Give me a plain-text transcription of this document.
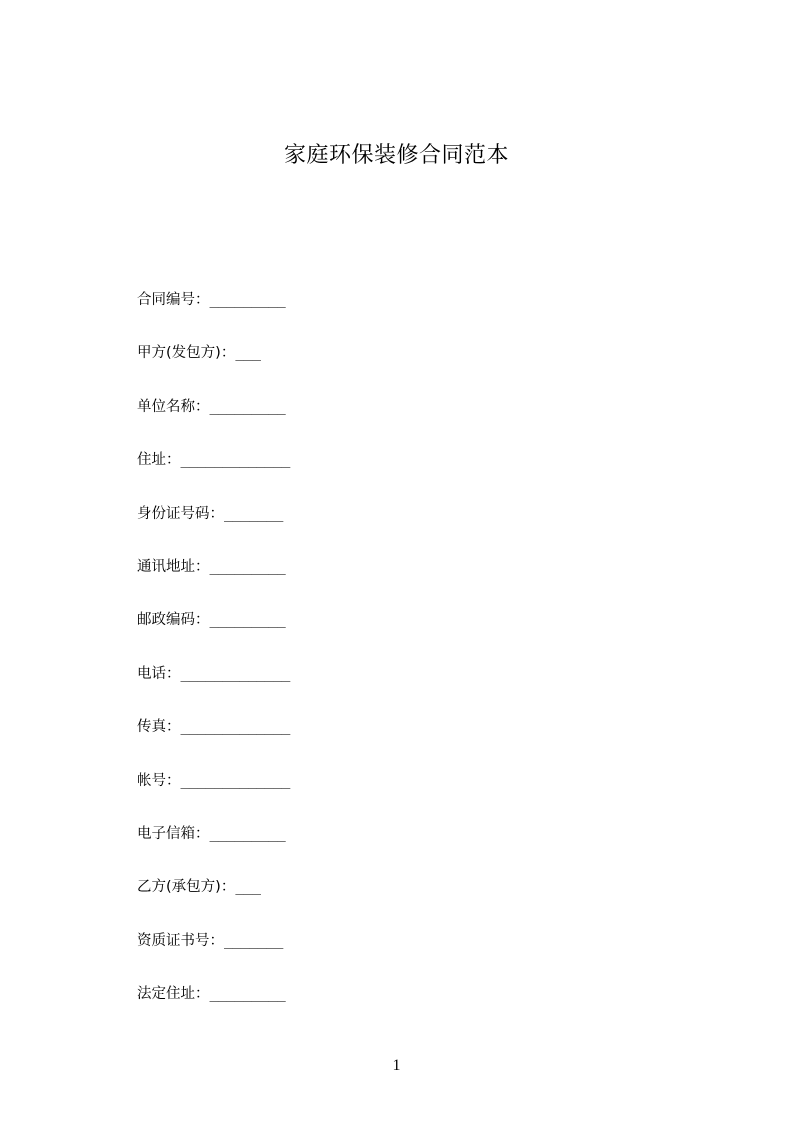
家庭环保装修合同范本
合同编号：_________
甲方(发包方)：___
单位名称：_________
住址：_____________
身份证号码：_______
通讯地址：_________
邮政编码：_________
电话：_____________
传真：_____________
帐号：_____________
电子信箱：_________
乙方(承包方)：___
资质证书号：_______
法定住址：_________
1
